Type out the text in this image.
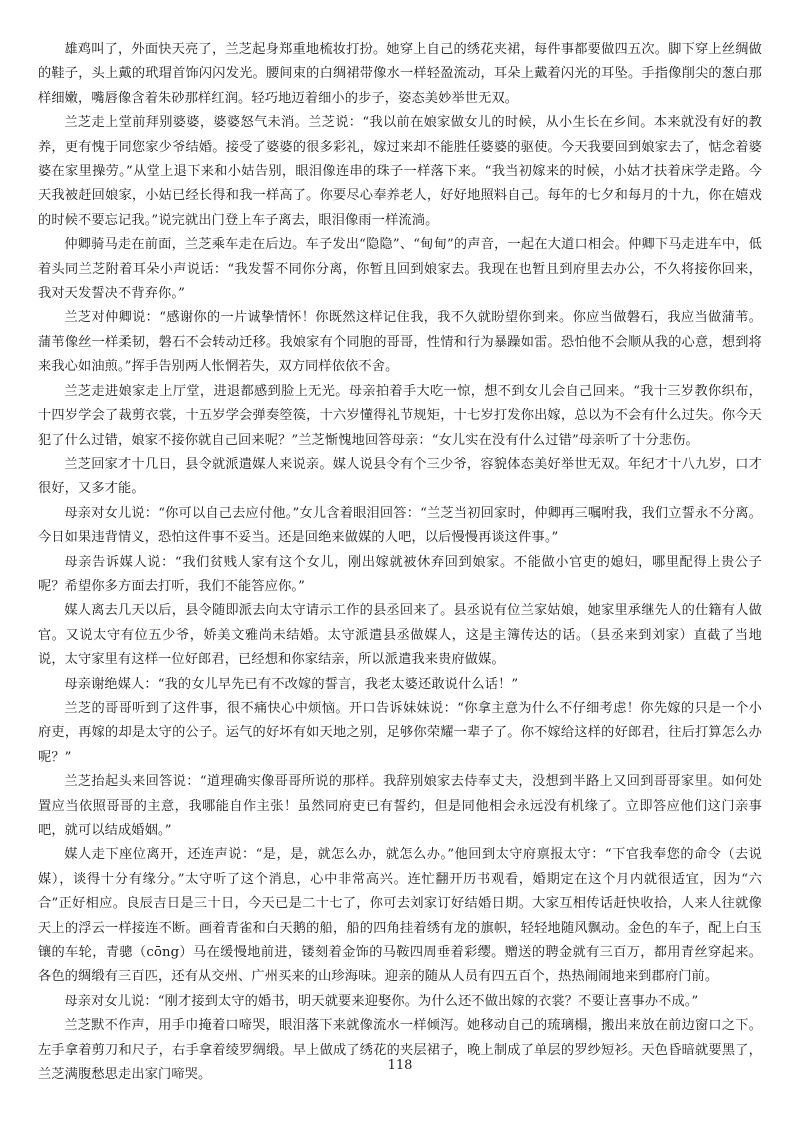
雄鸡叫了，外面快天亮了，兰芝起身郑重地梳妆打扮。她穿上自己的绣花夹裙，每件事都要做四五次。脚下穿上丝绸做的鞋子，头上戴的玳瑁首饰闪闪发光。腰间束的白绸裙带像水一样轻盈流动，耳朵上戴着闪光的耳坠。手指像削尖的葱白那样细嫩，嘴唇像含着朱砂那样红润。轻巧地迈着细小的步子，姿态美妙举世无双。

兰芝走上堂前拜别婆婆，婆婆怒气未消。兰芝说：“我以前在娘家做女儿的时候，从小生长在乡间。本来就没有好的教养，更有愧于同您家少爷结婚。接受了婆婆的很多彩礼，嫁过来却不能胜任婆婆的驱使。今天我要回到娘家去了，惦念着婆婆在家里操劳。”从堂上退下来和小姑告别，眼泪像连串的珠子一样落下来。“我当初嫁来的时候，小姑才扶着床学走路。今天我被赶回娘家，小姑已经长得和我一样高了。你要尽心奉养老人，好好地照料自己。每年的七夕和每月的十九，你在嬉戏的时候不要忘记我。”说完就出门登上车子离去，眼泪像雨一样流淌。

仲卿骑马走在前面，兰芝乘车走在后边。车子发出“隐隐”、“甸甸”的声音，一起在大道口相会。仲卿下马走进车中，低着头同兰芝附着耳朵小声说话：“我发誓不同你分离，你暂且回到娘家去。我现在也暂且到府里去办公，不久将接你回来，我对天发誓决不背弃你。”

兰芝对仲卿说：“感谢你的一片诚挚情怀！你既然这样记住我，我不久就盼望你到来。你应当做磐石，我应当做蒲苇。蒲苇像丝一样柔韧，磐石不会转动迁移。我娘家有个同胞的哥哥，性情和行为暴躁如雷。恐怕他不会顺从我的心意，想到将来我心如油煎。”挥手告别两人怅惘若失，双方同样依依不舍。

兰芝走进娘家走上厅堂，进退都感到脸上无光。母亲拍着手大吃一惊，想不到女儿会自己回来。“我十三岁教你织布，十四岁学会了裁剪衣裳，十五岁学会弹奏箜篌，十六岁懂得礼节规矩，十七岁打发你出嫁，总以为不会有什么过失。你今天犯了什么过错，娘家不接你就自己回来呢？”兰芝惭愧地回答母亲：“女儿实在没有什么过错”母亲听了十分悲伤。

兰芝回家才十几日，县令就派遣媒人来说亲。媒人说县令有个三少爷，容貌体态美好举世无双。年纪才十八九岁，口才很好，又多才能。

母亲对女儿说：“你可以自己去应付他。”女儿含着眼泪回答：“兰芝当初回家时，仲卿再三嘱咐我，我们立誓永不分离。今日如果违背情义，恐怕这件事不妥当。还是回绝来做媒的人吧，以后慢慢再谈这件事。”

母亲告诉媒人说：“我们贫贱人家有这个女儿，刚出嫁就被休弃回到娘家。不能做小官吏的媳妇，哪里配得上贵公子呢？希望你多方面去打听，我们不能答应你。”

媒人离去几天以后，县令随即派去向太守请示工作的县丞回来了。县丞说有位兰家姑娘，她家里承继先人的仕籍有人做官。又说太守有位五少爷，娇美文雅尚未结婚。太守派遣县丞做媒人，这是主簿传达的话。（县丞来到刘家）直截了当地说，太守家里有这样一位好郎君，已经想和你家结亲，所以派遣我来贵府做媒。

母亲谢绝媒人：“我的女儿早先已有不改嫁的誓言，我老太婆还敢说什么话！”

兰芝的哥哥听到了这件事，很不痛快心中烦恼。开口告诉妹妹说：“你拿主意为什么不仔细考虑！你先嫁的只是一个小府吏，再嫁的却是太守的公子。运气的好坏有如天地之别，足够你荣耀一辈子了。你不嫁给这样的好郎君，往后打算怎么办呢？”

兰芝抬起头来回答说：“道理确实像哥哥所说的那样。我辞别娘家去侍奉丈夫，没想到半路上又回到哥哥家里。如何处置应当依照哥哥的主意，我哪能自作主张！虽然同府吏已有誓约，但是同他相会永远没有机缘了。立即答应他们这门亲事吧，就可以结成婚姻。”

媒人走下座位离开，还连声说：“是，是，就怎么办，就怎么办。”他回到太守府禀报太守：“下官我奉您的命令（去说媒），谈得十分有缘分。”太守听了这个消息，心中非常高兴。连忙翻开历书观看，婚期定在这个月内就很适宜，因为“六合”正好相应。良辰吉日是三十日，今天已是二十七了，你可去刘家订好结婚日期。大家互相传话赶快收拾，人来人往就像天上的浮云一样接连不断。画着青雀和白天鹅的船，船的四角挂着绣有龙的旗帜，轻轻地随风飘动。金色的车子，配上白玉镶的车轮，青骢（cōng）马在缓慢地前进，镂刻着金饰的马鞍四周垂着彩缨。赠送的聘金就有三百万，都用青丝穿起来。各色的绸缎有三百匹，还有从交州、广州买来的山珍海味。迎亲的随从人员有四五百个，热热闹闹地来到郡府门前。

母亲对女儿说：“刚才接到太守的婚书，明天就要来迎娶你。为什么还不做出嫁的衣裳？不要让喜事办不成。”

兰芝默不作声，用手巾掩着口啼哭，眼泪落下来就像流水一样倾泻。她移动自己的琉璃榻，搬出来放在前边窗口之下。左手拿着剪刀和尺子，右手拿着绫罗绸缎。早上做成了绣花的夹层裙子，晚上制成了单层的罗纱短衫。天色昏暗就要黑了，兰芝满腹愁思走出家门啼哭。

118
